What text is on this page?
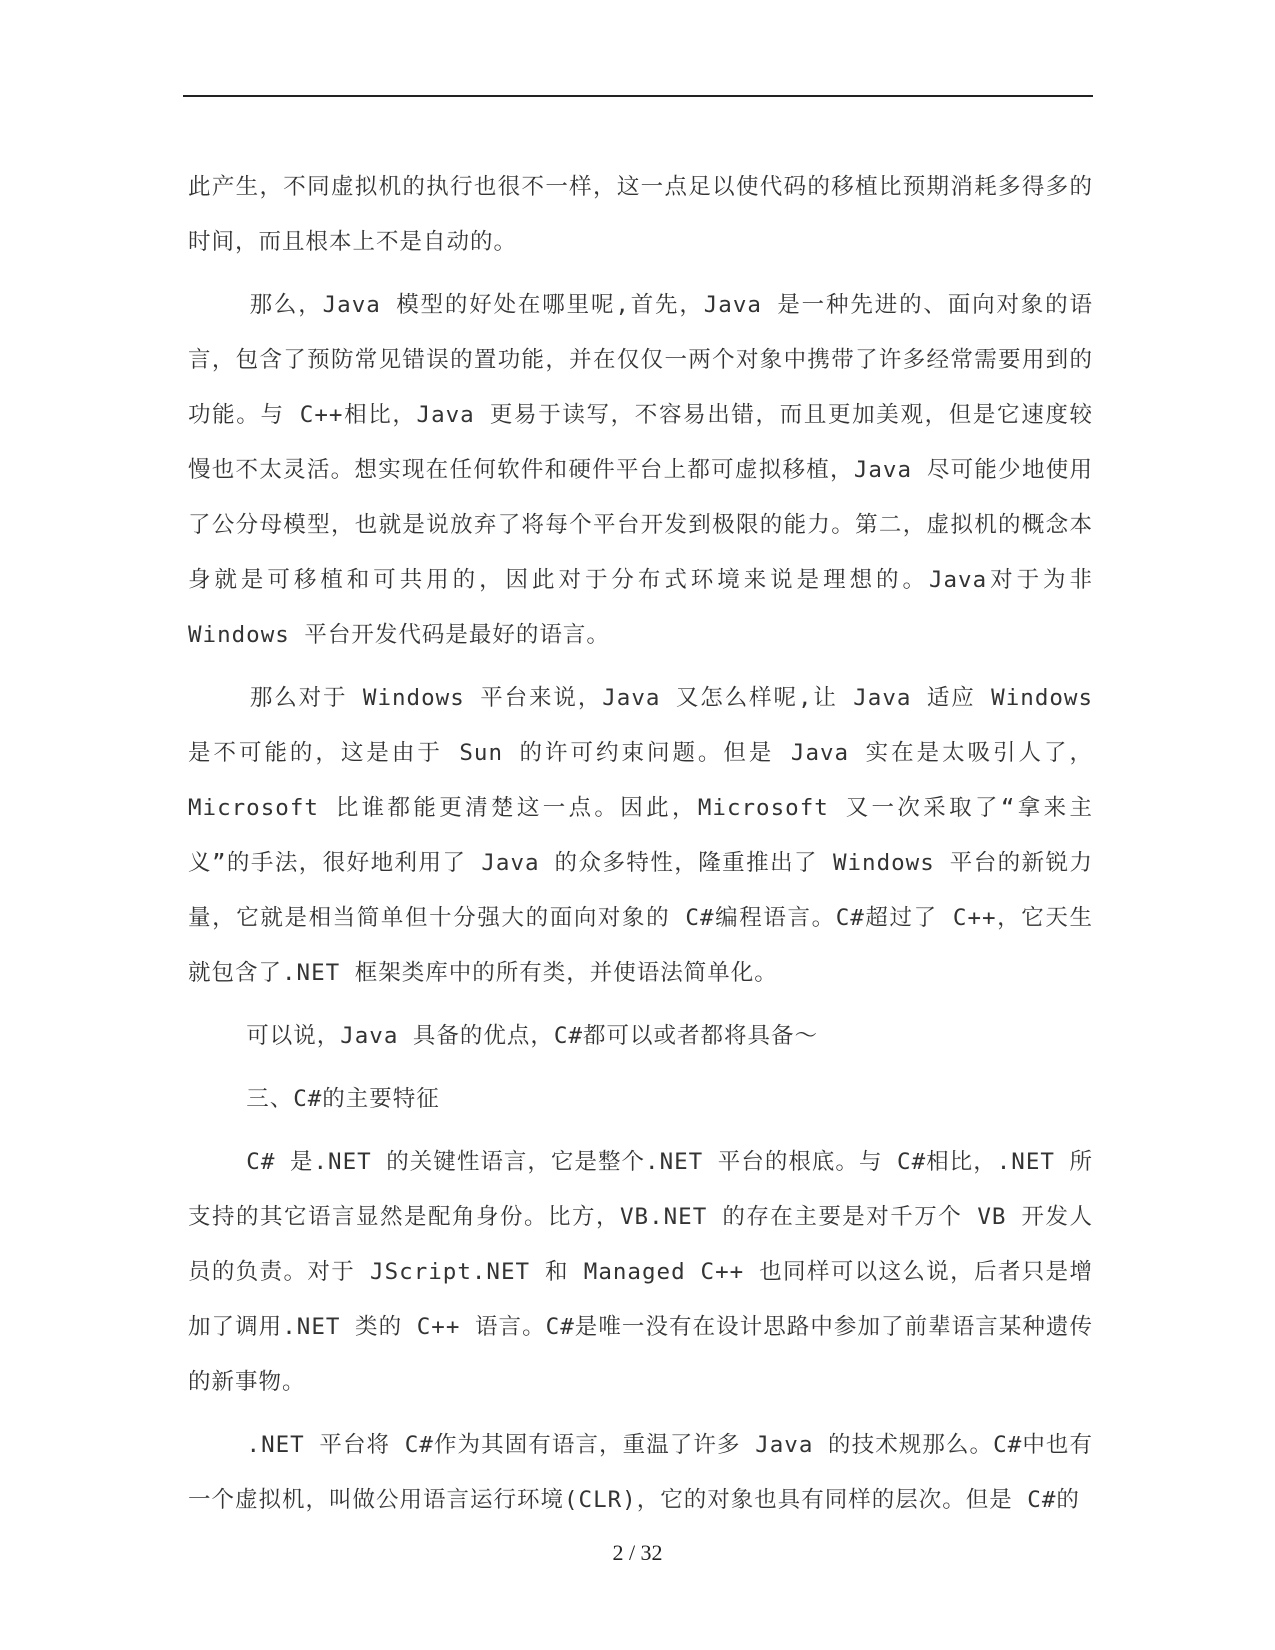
此产生，不同虚拟机的执行也很不一样，这一点足以使代码的移植比预期消耗多得多的时间，而且根本上不是自动的。

那么，Java 模型的好处在哪里呢,首先，Java 是一种先进的、面向对象的语言，包含了预防常见错误的置功能，并在仅仅一两个对象中携带了许多经常需要用到的功能。与 C++相比，Java 更易于读写，不容易出错，而且更加美观，但是它速度较慢也不太灵活。想实现在任何软件和硬件平台上都可虚拟移植，Java 尽可能少地使用了公分母模型，也就是说放弃了将每个平台开发到极限的能力。第二，虚拟机的概念本身就是可移植和可共用的，因此对于分布式环境来说是理想的。Java对于为非 Windows 平台开发代码是最好的语言。

那么对于 Windows 平台来说，Java 又怎么样呢,让 Java 适应 Windows 是不可能的，这是由于 Sun 的许可约束问题。但是 Java 实在是太吸引人了，Microsoft 比谁都能更清楚这一点。因此，Microsoft 又一次采取了“拿来主义”的手法，很好地利用了 Java 的众多特性，隆重推出了 Windows 平台的新锐力量，它就是相当简单但十分强大的面向对象的 C#编程语言。C#超过了 C++，它天生就包含了.NET 框架类库中的所有类，并使语法简单化。

可以说，Java 具备的优点，C#都可以或者都将具备～

三、C#的主要特征

C# 是.NET 的关键性语言，它是整个.NET 平台的根底。与 C#相比，.NET 所支持的其它语言显然是配角身份。比方，VB.NET 的存在主要是对千万个 VB 开发人员的负责。对于 JScript.NET 和 Managed C++ 也同样可以这么说，后者只是增加了调用.NET 类的 C++ 语言。C#是唯一没有在设计思路中参加了前辈语言某种遗传的新事物。

.NET 平台将 C#作为其固有语言，重温了许多 Java 的技术规那么。C#中也有一个虚拟机，叫做公用语言运行环境(CLR)，它的对象也具有同样的层次。但是 C#的

2 / 32
